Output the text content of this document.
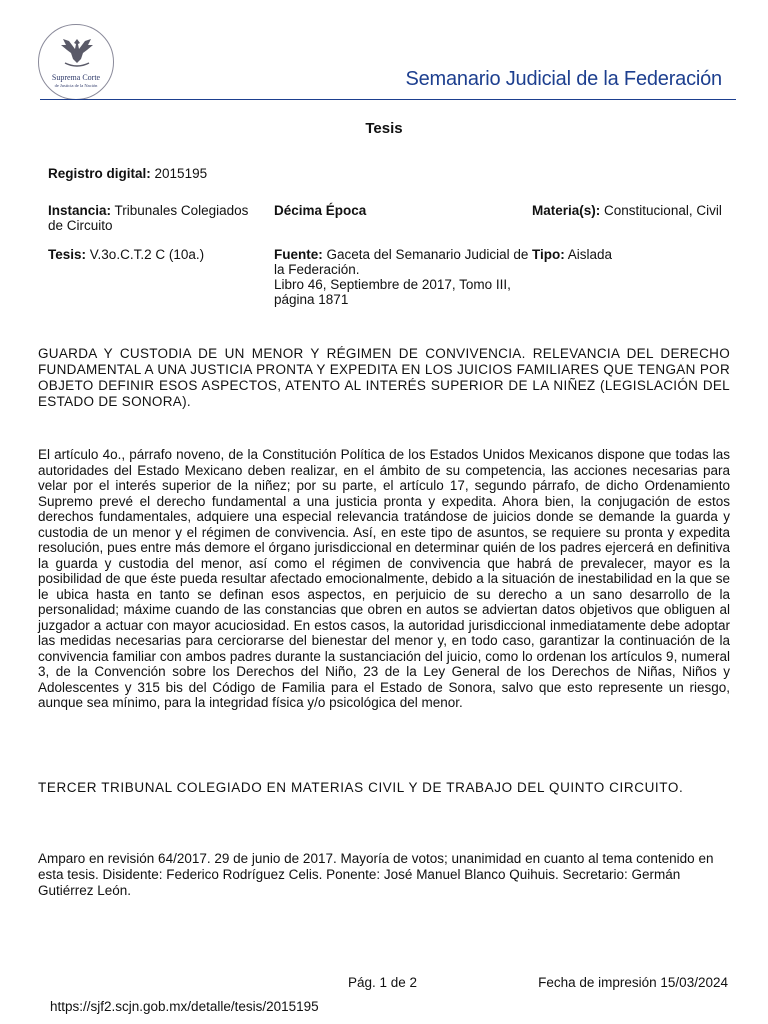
Suprema Corte
de Justicia de la Nación	Semanario Judicial de la Federación
Tesis
Registro digital: 2015195
Instancia: Tribunales Colegiados de Circuito
Décima Época	Materia(s): Constitucional, Civil
Tesis: V.3o.C.T.2 C (10a.)	Fuente: Gaceta del Semanario Judicial de la Federación.
Libro 46, Septiembre de 2017, Tomo III, página 1871
Tipo: Aislada
GUARDA Y CUSTODIA DE UN MENOR Y RÉGIMEN DE CONVIVENCIA. RELEVANCIA DEL DERECHO FUNDAMENTAL A UNA JUSTICIA PRONTA Y EXPEDITA EN LOS JUICIOS FAMILIARES QUE TENGAN POR OBJETO DEFINIR ESOS ASPECTOS, ATENTO AL INTERÉS SUPERIOR DE LA NIÑEZ (LEGISLACIÓN DEL ESTADO DE SONORA).
El artículo 4o., párrafo noveno, de la Constitución Política de los Estados Unidos Mexicanos dispone que todas las autoridades del Estado Mexicano deben realizar, en el ámbito de su competencia, las acciones necesarias para velar por el interés superior de la niñez; por su parte, el artículo 17, segundo párrafo, de dicho Ordenamiento Supremo prevé el derecho fundamental a una justicia pronta y expedita. Ahora bien, la conjugación de estos derechos fundamentales, adquiere una especial relevancia tratándose de juicios donde se demande la guarda y custodia de un menor y el régimen de convivencia. Así, en este tipo de asuntos, se requiere su pronta y expedita resolución, pues entre más demore el órgano jurisdiccional en determinar quién de los padres ejercerá en definitiva la guarda y custodia del menor, así como el régimen de convivencia que habrá de prevalecer, mayor es la posibilidad de que éste pueda resultar afectado emocionalmente, debido a la situación de inestabilidad en la que se le ubica hasta en tanto se definan esos aspectos, en perjuicio de su derecho a un sano desarrollo de la personalidad; máxime cuando de las constancias que obren en autos se adviertan datos objetivos que obliguen al juzgador a actuar con mayor acuciosidad. En estos casos, la autoridad jurisdiccional inmediatamente debe adoptar las medidas necesarias para cerciorarse del bienestar del menor y, en todo caso, garantizar la continuación de la convivencia familiar con ambos padres durante la sustanciación del juicio, como lo ordenan los artículos 9, numeral 3, de la Convención sobre los Derechos del Niño, 23 de la Ley General de los Derechos de Niñas, Niños y Adolescentes y 315 bis del Código de Familia para el Estado de Sonora, salvo que esto represente un riesgo, aunque sea mínimo, para la integridad física y/o psicológica del menor.
TERCER TRIBUNAL COLEGIADO EN MATERIAS CIVIL Y DE TRABAJO DEL QUINTO CIRCUITO.
Amparo en revisión 64/2017. 29 de junio de 2017. Mayoría de votos; unanimidad en cuanto al tema contenido en esta tesis. Disidente: Federico Rodríguez Celis. Ponente: José Manuel Blanco Quihuis. Secretario: Germán Gutiérrez León.
Pág. 1 de 2	Fecha de impresión 15/03/2024
https://sjf2.scjn.gob.mx/detalle/tesis/2015195
